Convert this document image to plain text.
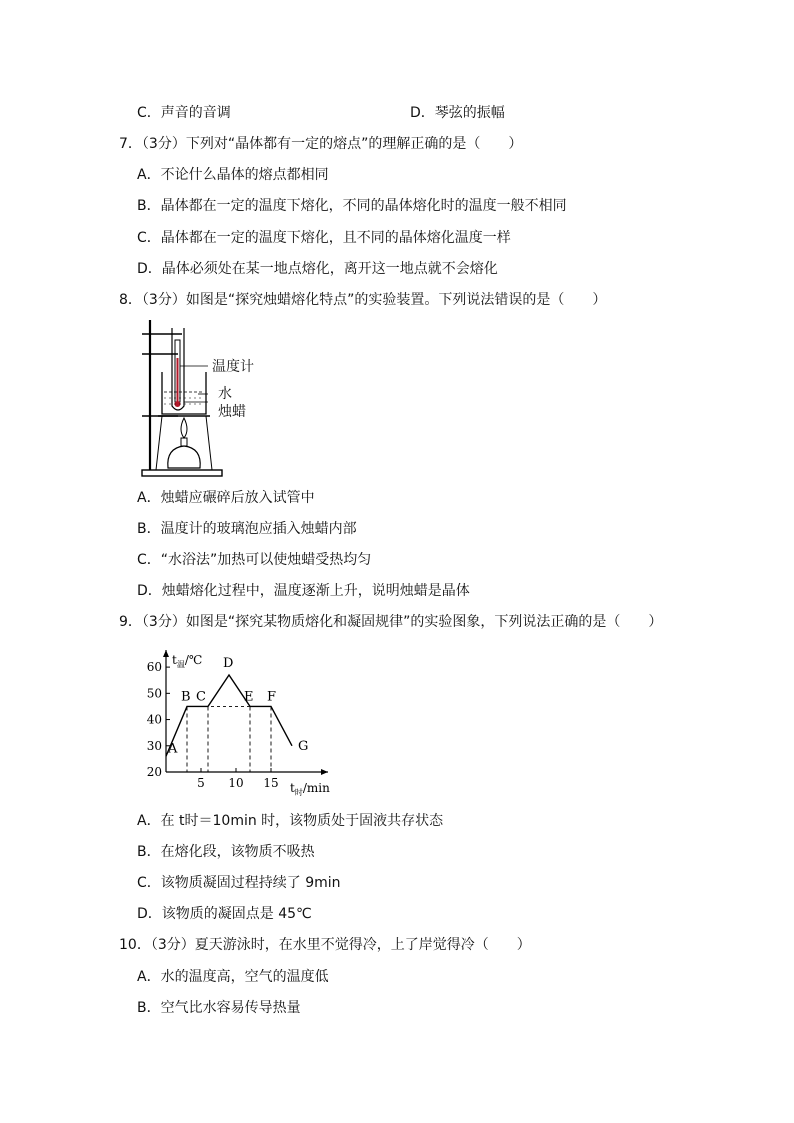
C．声音的音调	D．琴弦的振幅
7．（3分）下列对“晶体都有一定的熔点”的理解正确的是（ ）
A．不论什么晶体的熔点都相同
B．晶体都在一定的温度下熔化，不同的晶体熔化时的温度一般不相同
C．晶体都在一定的温度下熔化，且不同的晶体熔化温度一样
D．晶体必须处在某一地点熔化，离开这一地点就不会熔化
8．（3分）如图是“探究烛蜡熔化特点”的实验装置。下列说法错误的是（ ）
温度计
水
烛蜡
A．烛蜡应碾碎后放入试管中
B．温度计的玻璃泡应插入烛蜡内部
C．“水浴法”加热可以使烛蜡受热均匀
D．烛蜡熔化过程中，温度逐渐上升，说明烛蜡是晶体
9．（3分）如图是“探究某物质熔化和凝固规律”的实验图象，下列说法正确的是（ ）
20
30
40
50
60
5 10 15
$t_温/℃$
$t_时/\min$
A
B C
D
E F
G
A．在 t时＝10min 时，该物质处于固液共存状态
B．在熔化段，该物质不吸热
C．该物质凝固过程持续了 9min
D．该物质的凝固点是 45℃
10．（3分）夏天游泳时，在水里不觉得冷，上了岸觉得冷（ ）
A．水的温度高，空气的温度低
B．空气比水容易传导热量
